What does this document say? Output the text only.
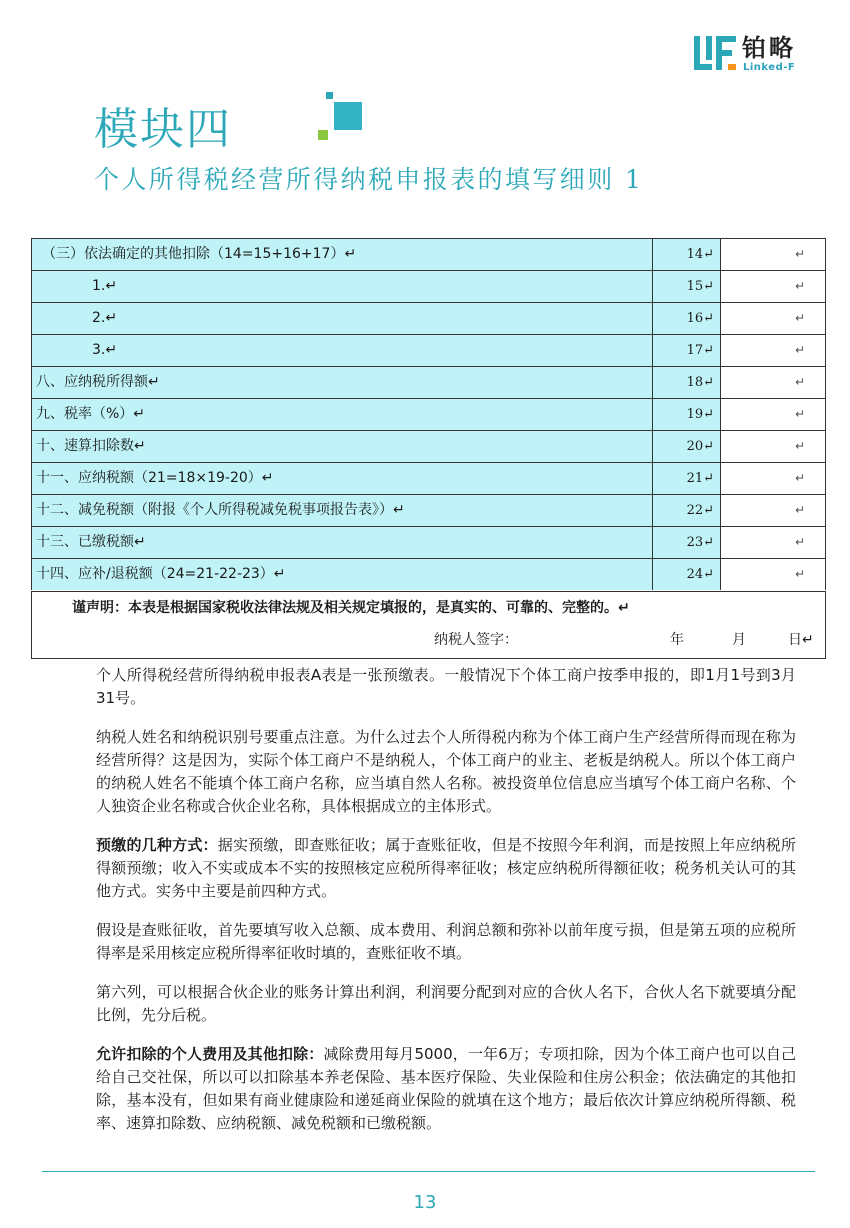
铂略
Linked-F
模块四
个人所得税经营所得纳税申报表的填写细则 1
（三）依法确定的其他扣除（14=15+16+17）↵	14↵	↵
1.↵	15↵	↵
2.↵	16↵	↵
3.↵	17↵	↵
八、应纳税所得额↵	18↵	↵
九、税率（%）↵	19↵	↵
十、速算扣除数↵	20↵	↵
十一、应纳税额（21=18×19-20）↵	21↵	↵
十二、减免税额（附报《个人所得税减免税事项报告表》）↵	22↵	↵
十三、已缴税额↵	23↵	↵
十四、应补/退税额（24=21-22-23）↵	24↵	↵
谨声明：本表是根据国家税收法律法规及相关规定填报的，是真实的、可靠的、完整的。↵
纳税人签字：	年	月	日↵

个人所得税经营所得纳税申报表A表是一张预缴表。一般情况下个体工商户按季申报的，即1月1号到3月31号。

纳税人姓名和纳税识别号要重点注意。为什么过去个人所得税内称为个体工商户生产经营所得而现在称为经营所得？这是因为，实际个体工商户不是纳税人，个体工商户的业主、老板是纳税人。所以个体工商户的纳税人姓名不能填个体工商户名称，应当填自然人名称。被投资单位信息应当填写个体工商户名称、个人独资企业名称或合伙企业名称，具体根据成立的主体形式。

预缴的几种方式：据实预缴，即查账征收；属于查账征收，但是不按照今年利润，而是按照上年应纳税所得额预缴；收入不实或成本不实的按照核定应税所得率征收；核定应纳税所得额征收；税务机关认可的其他方式。实务中主要是前四种方式。

假设是查账征收，首先要填写收入总额、成本费用、利润总额和弥补以前年度亏损，但是第五项的应税所得率是采用核定应税所得率征收时填的，查账征收不填。

第六列，可以根据合伙企业的账务计算出利润，利润要分配到对应的合伙人名下，合伙人名下就要填分配比例，先分后税。

允许扣除的个人费用及其他扣除：减除费用每月5000，一年6万；专项扣除，因为个体工商户也可以自己给自己交社保，所以可以扣除基本养老保险、基本医疗保险、失业保险和住房公积金；依法确定的其他扣除，基本没有，但如果有商业健康险和递延商业保险的就填在这个地方；最后依次计算应纳税所得额、税率、速算扣除数、应纳税额、减免税额和已缴税额。

13
